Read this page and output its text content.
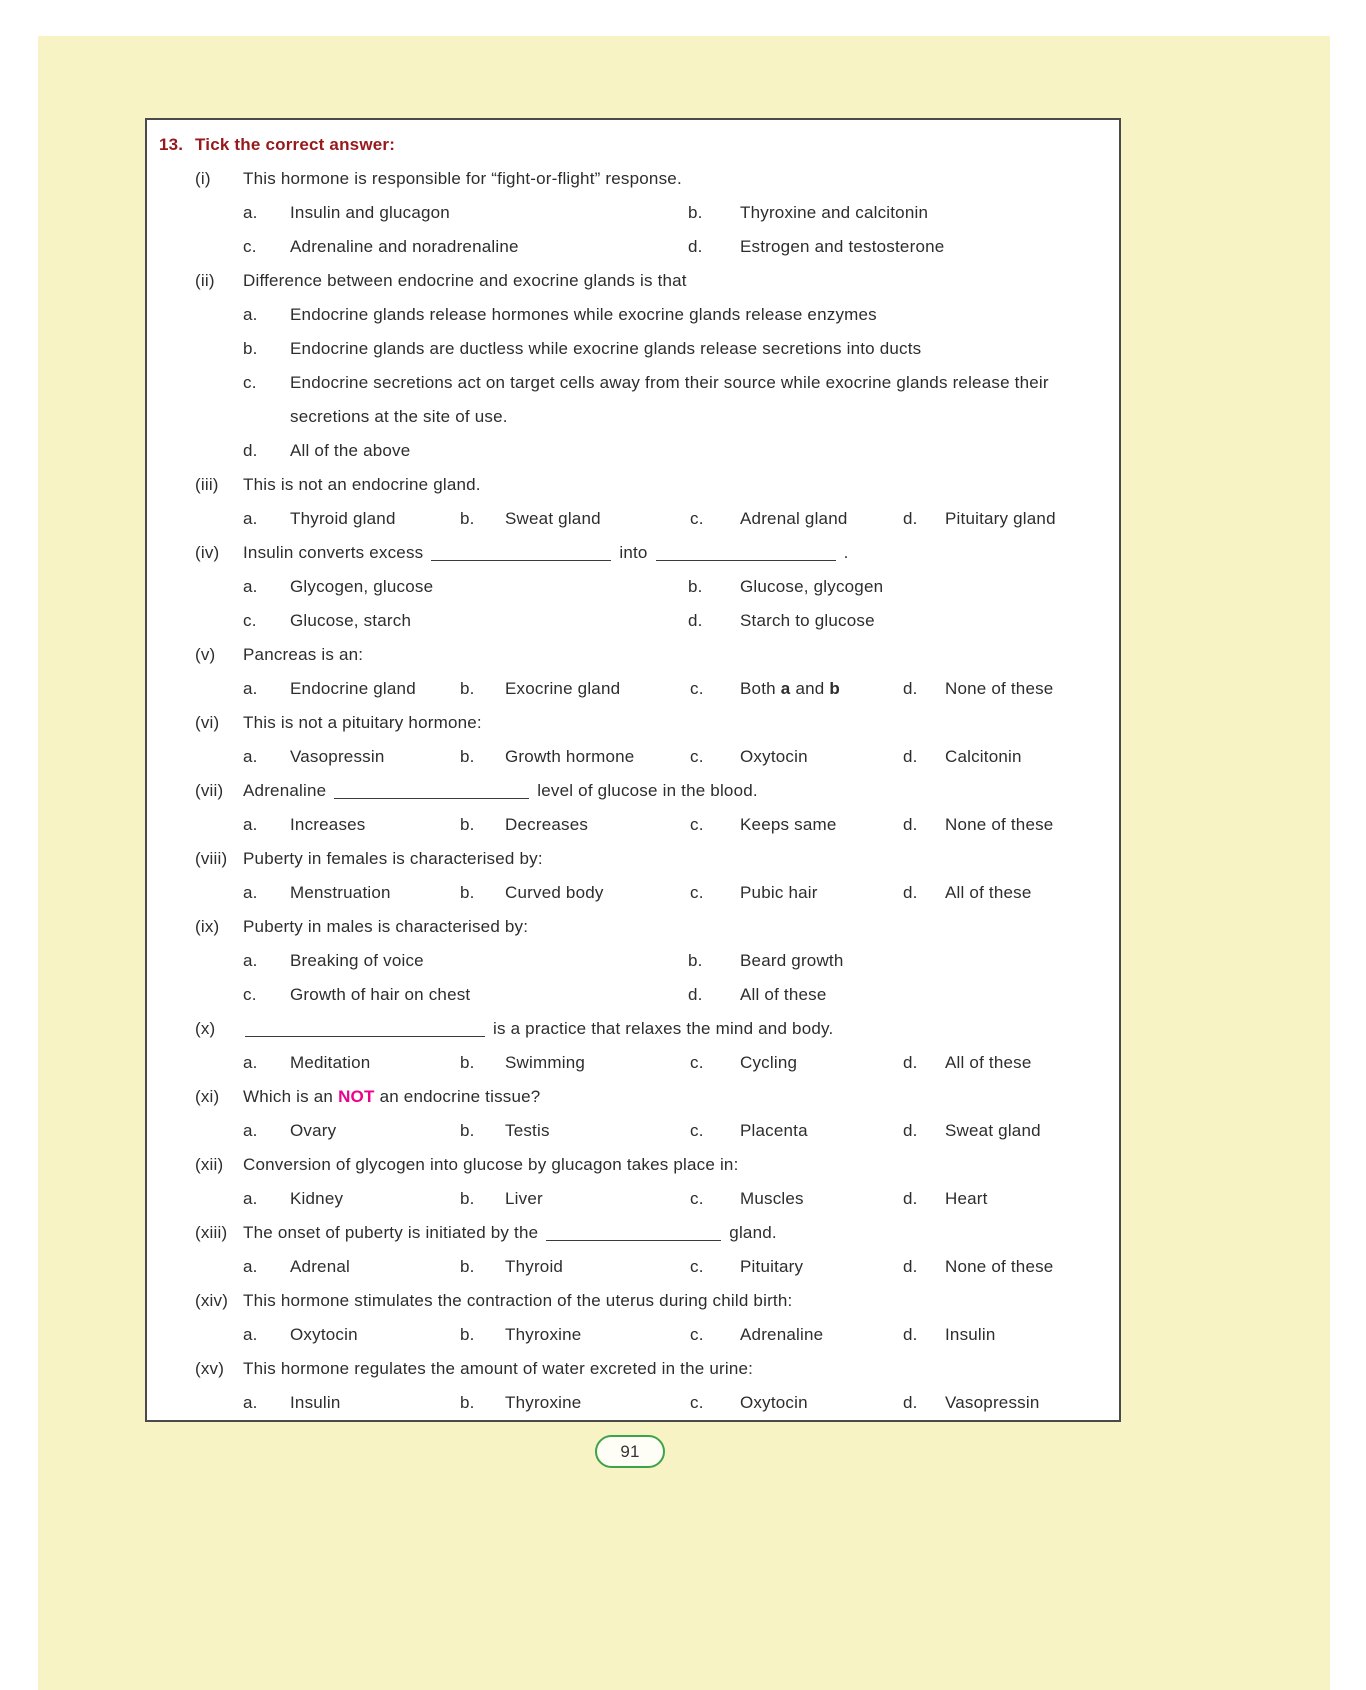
13. Tick the correct answer:
(i)	This hormone is responsible for “fight-or-flight” response.
a.	Insulin and glucagon	b.	Thyroxine and calcitonin
c.	Adrenaline and noradrenaline	d.	Estrogen and testosterone
(ii)	Difference between endocrine and exocrine glands is that
a.	Endocrine glands release hormones while exocrine glands release enzymes
b.	Endocrine glands are ductless while exocrine glands release secretions into ducts
c.	Endocrine secretions act on target cells away from their source while exocrine glands release their secretions at the site of use.
d.	All of the above
(iii)	This is not an endocrine gland.
a.	Thyroid gland	b.	Sweat gland	c.	Adrenal gland	d.	Pituitary gland
(iv)	Insulin converts excess	into	.
a.	Glycogen, glucose	b.	Glucose, glycogen
c.	Glucose, starch	d.	Starch to glucose
(v)	Pancreas is an:
a.	Endocrine gland	b.	Exocrine gland	c.	Both a and b	d.	None of these
(vi)	This is not a pituitary hormone:
a.	Vasopressin	b.	Growth hormone	c.	Oxytocin	d.	Calcitonin
(vii)	Adrenaline	level of glucose in the blood.
a.	Increases	b.	Decreases	c.	Keeps same	d.	None of these
(viii) Puberty in females is characterised by:
a.	Menstruation	b.	Curved body	c.	Pubic hair	d.	All of these
(ix)	Puberty in males is characterised by:
a.	Breaking of voice	b.	Beard growth
c.	Growth of hair on chest	d.	All of these
(x)	is a practice that relaxes the mind and body.
a.	Meditation	b.	Swimming	c.	Cycling	d.	All of these
(xi)	Which is an NOT an endocrine tissue?
a.	Ovary	b.	Testis	c.	Placenta	d.	Sweat gland
(xii)	Conversion of glycogen into glucose by glucagon takes place in:
a.	Kidney	b.	Liver	c.	Muscles	d.	Heart
(xiii) The onset of puberty is initiated by the	gland.
a.	Adrenal	b.	Thyroid	c.	Pituitary	d.	None of these
(xiv) This hormone stimulates the contraction of the uterus during child birth:
a.	Oxytocin	b.	Thyroxine	c.	Adrenaline	d.	Insulin
(xv)	This hormone regulates the amount of water excreted in the urine:
a.	Insulin	b.	Thyroxine	c.	Oxytocin	d.	Vasopressin
91
